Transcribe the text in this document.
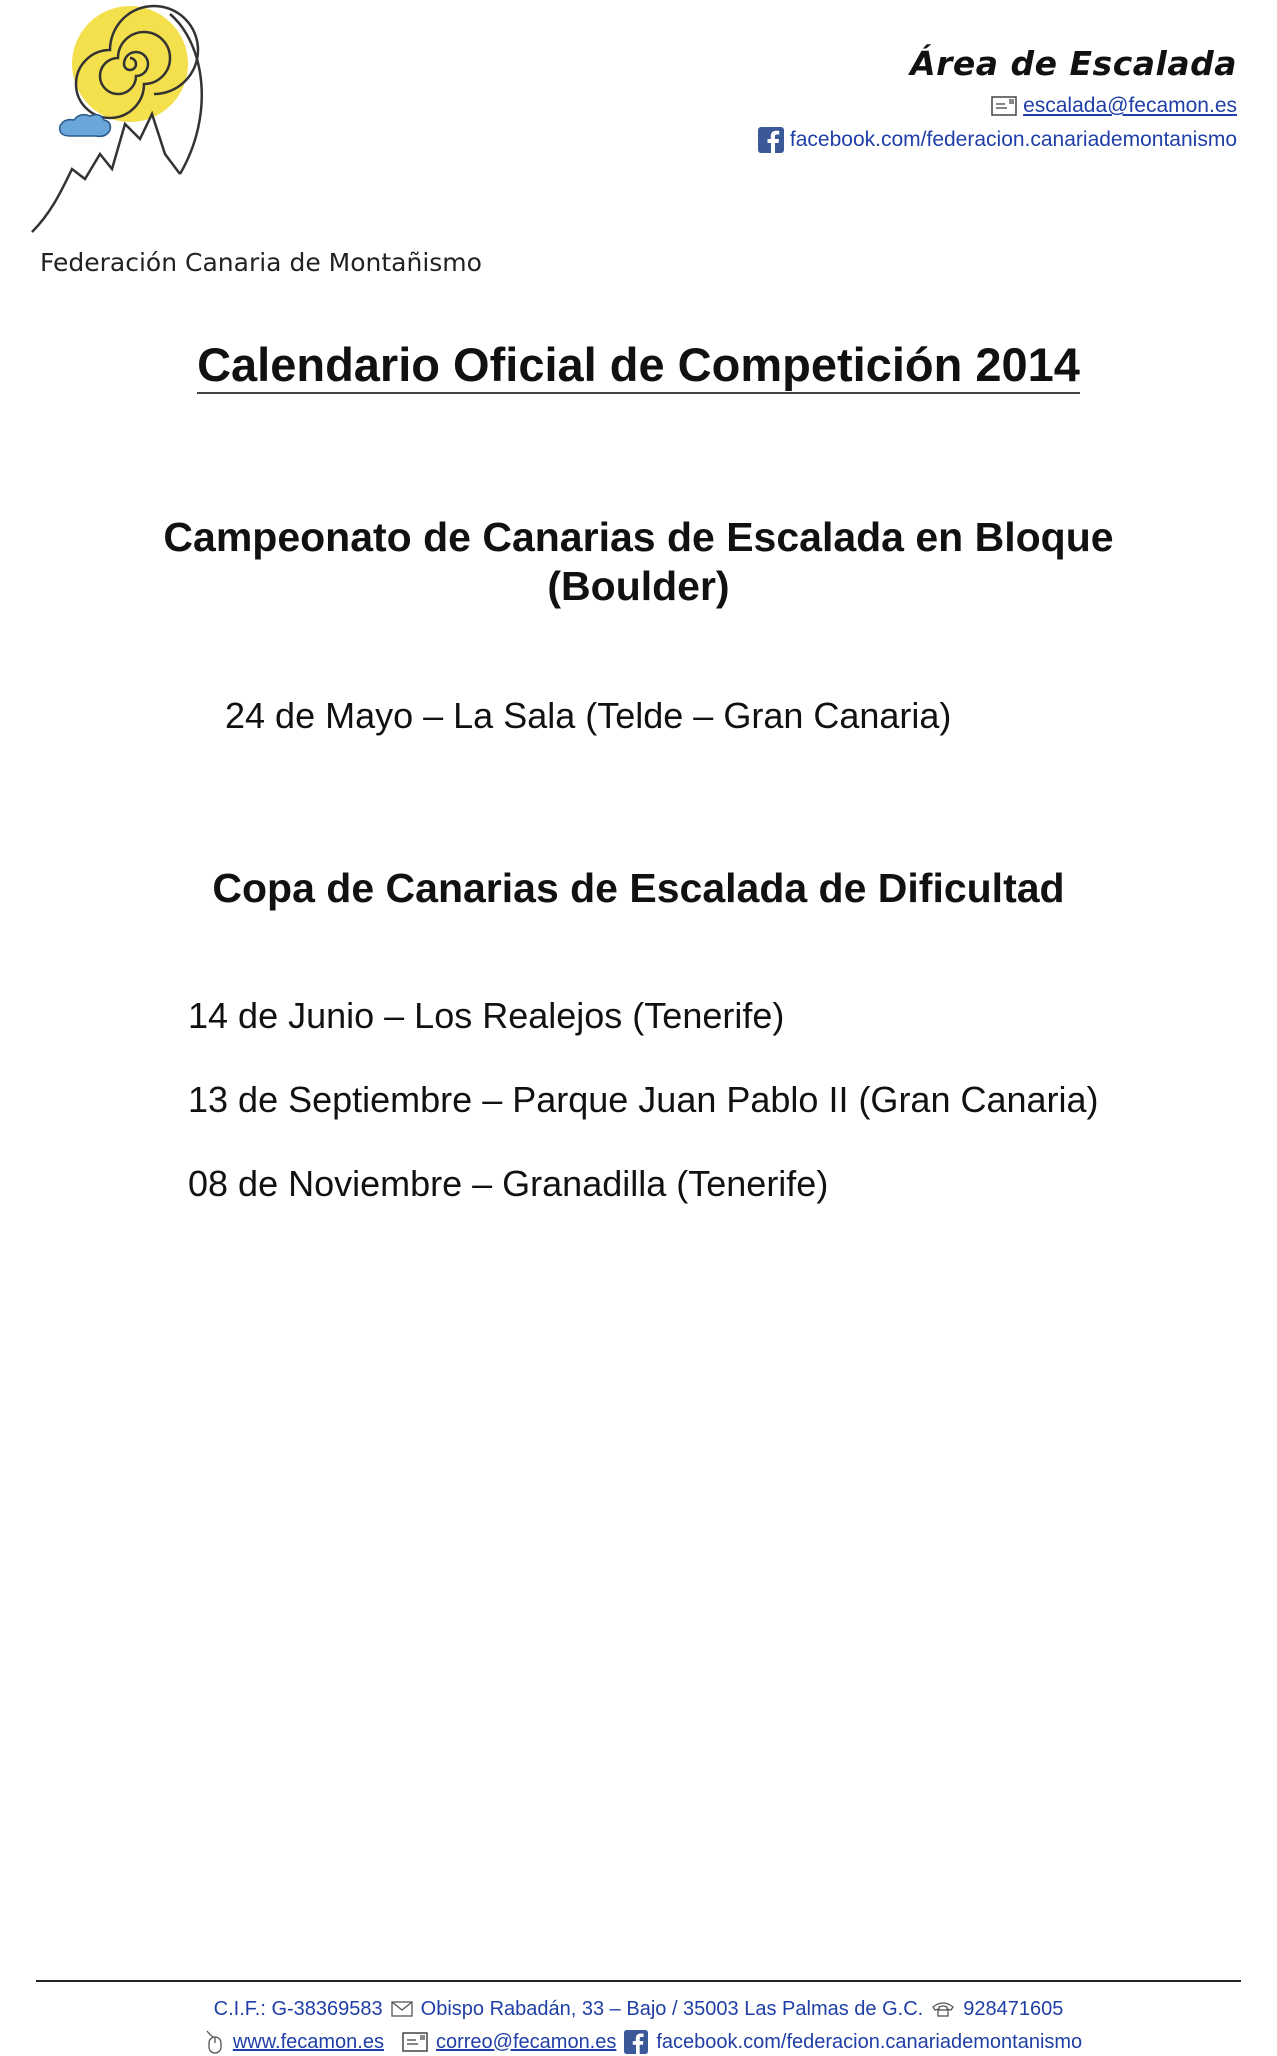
Área de Escalada
escalada@fecamon.es
facebook.com/federacion.canariademontanismo
Federación Canaria de Montañismo
Calendario Oficial de Competición 2014
Campeonato de Canarias de Escalada en Bloque
(Boulder)

24 de Mayo – La Sala (Telde – Gran Canaria)

Copa de Canarias de Escalada de Dificultad

14 de Junio – Los Realejos (Tenerife)

13 de Septiembre – Parque Juan Pablo II (Gran Canaria)

08 de Noviembre – Granadilla (Tenerife)

C.I.F.: G-38369583 Obispo Rabadán, 33 – Bajo / 35003 Las Palmas de G.C. 928471605
www.fecamon.es	correo@fecamon.es facebook.com/federacion.canariademontanismo
